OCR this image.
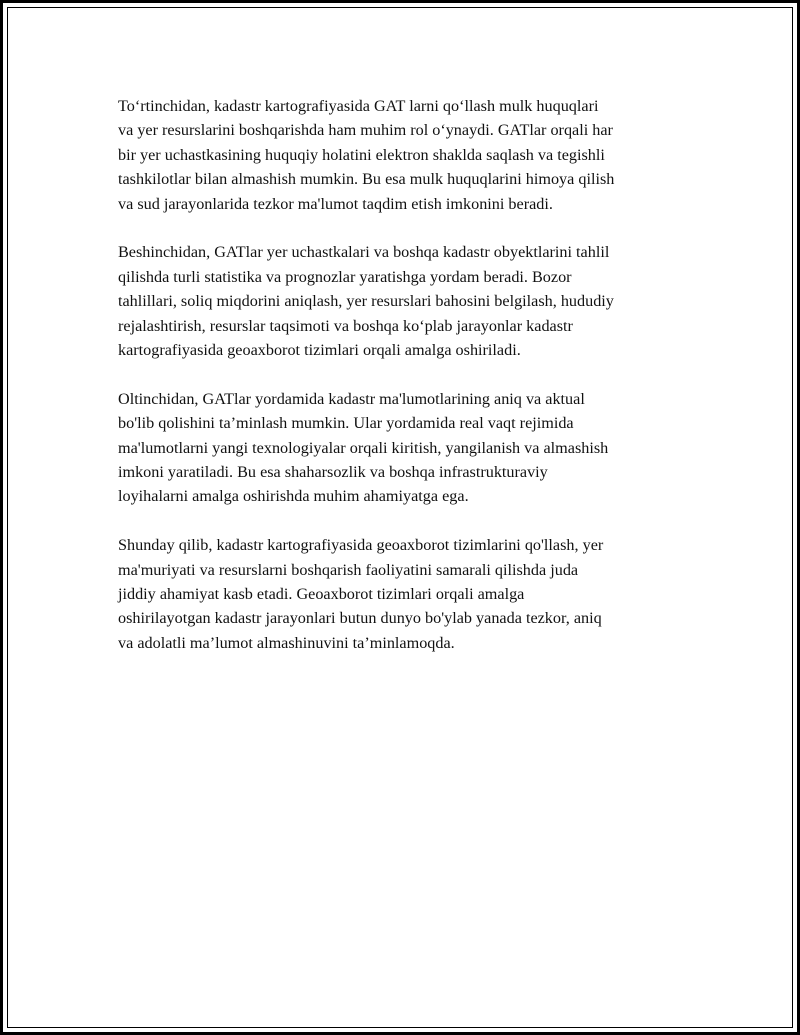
To‘rtinchidan, kadastr kartografiyasida GAT larni qo‘llash mulk huquqlari
va yer resurslarini boshqarishda ham muhim rol o‘ynaydi. GATlar orqali har
bir yer uchastkasining huquqiy holatini elektron shaklda saqlash va tegishli
tashkilotlar bilan almashish mumkin. Bu esa mulk huquqlarini himoya qilish
va sud jarayonlarida tezkor ma'lumot taqdim etish imkonini beradi.

Beshinchidan, GATlar yer uchastkalari va boshqa kadastr obyektlarini tahlil
qilishda turli statistika va prognozlar yaratishga yordam beradi. Bozor
tahlillari, soliq miqdorini aniqlash, yer resurslari bahosini belgilash, hududiy
rejalashtirish, resurslar taqsimoti va boshqa ko‘plab jarayonlar kadastr
kartografiyasida geoaxborot tizimlari orqali amalga oshiriladi.

Oltinchidan, GATlar yordamida kadastr ma'lumotlarining aniq va aktual
bo'lib qolishini ta’minlash mumkin. Ular yordamida real vaqt rejimida
ma'lumotlarni yangi texnologiyalar orqali kiritish, yangilanish va almashish
imkoni yaratiladi. Bu esa shaharsozlik va boshqa infrastrukturaviy
loyihalarni amalga oshirishda muhim ahamiyatga ega.

Shunday qilib, kadastr kartografiyasida geoaxborot tizimlarini qo'llash, yer
ma'muriyati va resurslarni boshqarish faoliyatini samarali qilishda juda
jiddiy ahamiyat kasb etadi. Geoaxborot tizimlari orqali amalga
oshirilayotgan kadastr jarayonlari butun dunyo bo'ylab yanada tezkor, aniq
va adolatli ma’lumot almashinuvini ta’minlamoqda.
